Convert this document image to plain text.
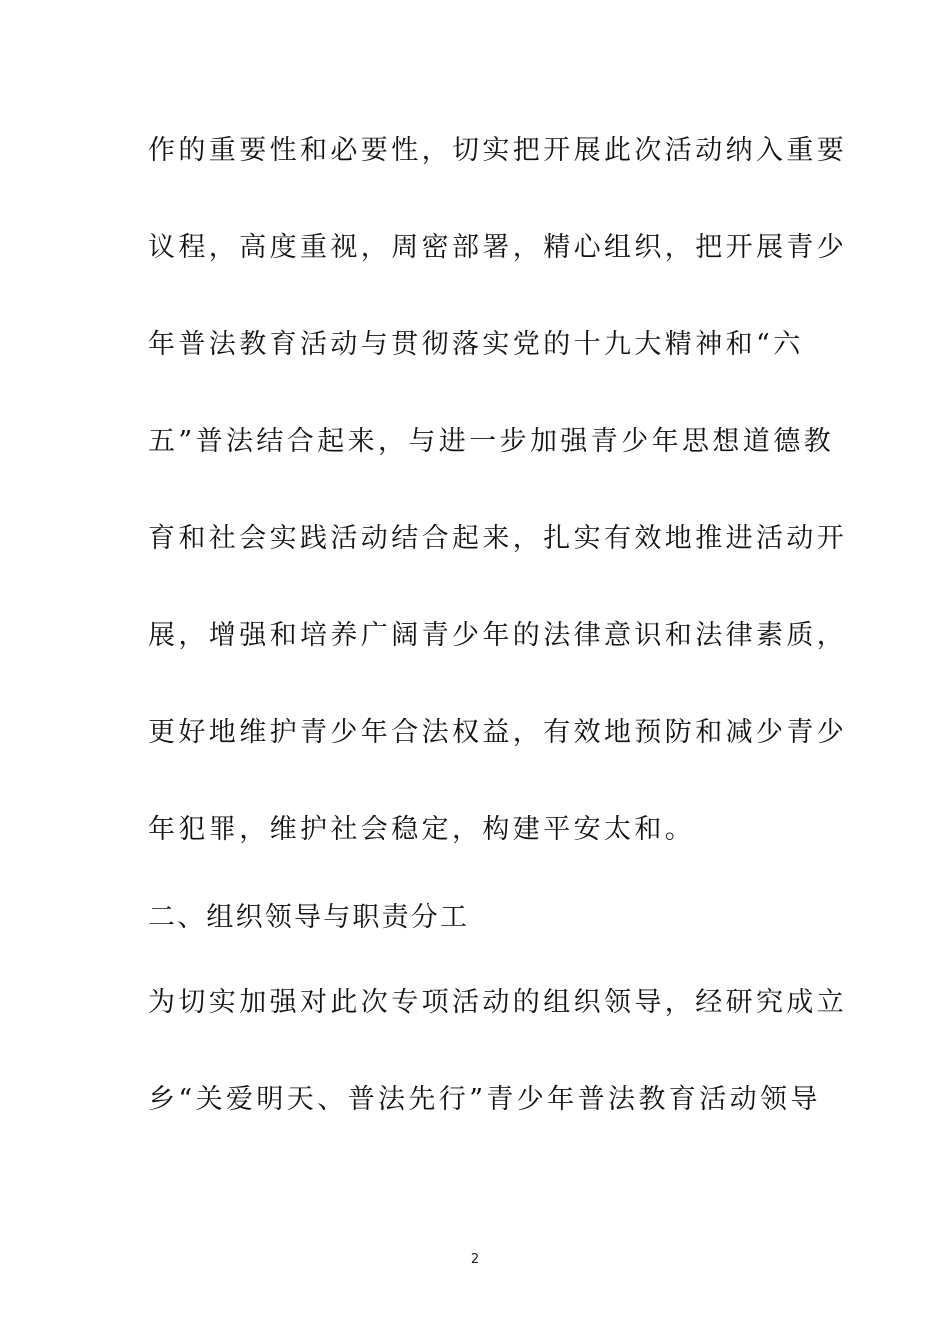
作的重要性和必要性，切实把开展此次活动纳入重要
议程，高度重视，周密部署，精心组织，把开展青少
年普法教育活动与贯彻落实党的十九大精神和“六
五”普法结合起来，与进一步加强青少年思想道德教
育和社会实践活动结合起来，扎实有效地推进活动开
展，增强和培养广阔青少年的法律意识和法律素质，
更好地维护青少年合法权益，有效地预防和减少青少
年犯罪，维护社会稳定，构建平安太和。
二、组织领导与职责分工
为切实加强对此次专项活动的组织领导，经研究成立
乡“关爱明天、普法先行”青少年普法教育活动领导
2
